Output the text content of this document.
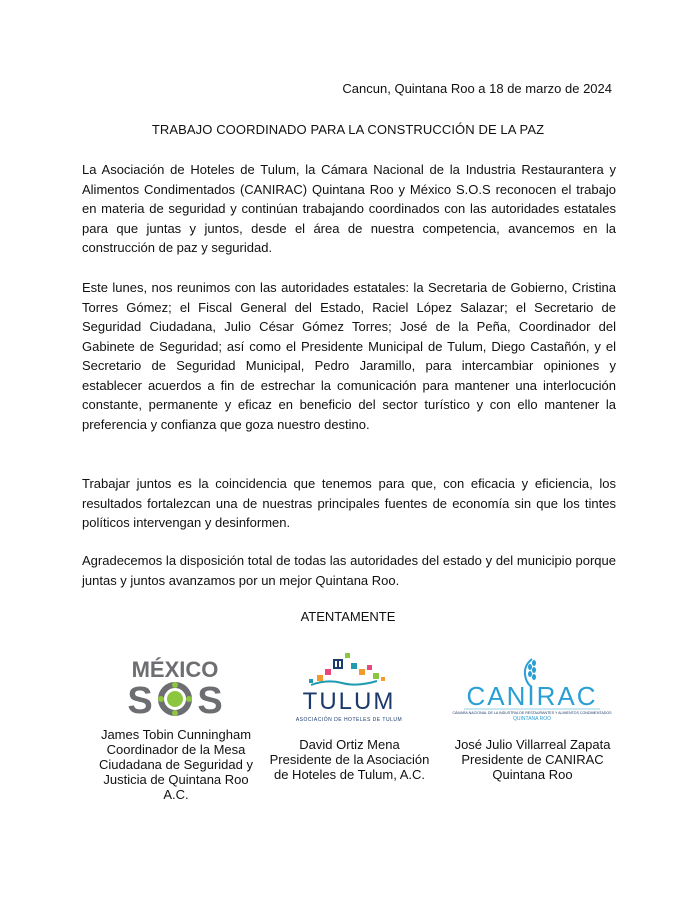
Cancun, Quintana Roo a 18 de marzo de 2024
TRABAJO COORDINADO PARA LA CONSTRUCCIÓN DE LA PAZ

La Asociación de Hoteles de Tulum, la Cámara Nacional de la Industria Restaurantera y Alimentos Condimentados (CANIRAC) Quintana Roo y México S.O.S reconocen el trabajo en materia de seguridad y continúan trabajando coordinados con las autoridades estatales para que juntas y juntos, desde el área de nuestra competencia, avancemos en la construcción de paz y seguridad.

Este lunes, nos reunimos con las autoridades estatales: la Secretaria de Gobierno, Cristina Torres Gómez; el Fiscal General del Estado, Raciel López Salazar; el Secretario de Seguridad Ciudadana, Julio César Gómez Torres; José de la Peña, Coordinador del Gabinete de Seguridad; así como el Presidente Municipal de Tulum, Diego Castañón, y el Secretario de Seguridad Municipal, Pedro Jaramillo, para intercambiar opiniones y establecer acuerdos a fin de estrechar la comunicación para mantener una interlocución constante, permanente y eficaz en beneficio del sector turístico y con ello mantener la preferencia y confianza que goza nuestro destino.

Trabajar juntos es la coincidencia que tenemos para que, con eficacia y eficiencia, los resultados fortalezcan una de nuestras principales fuentes de economía sin que los tintes políticos intervengan y desinformen.

Agradecemos la disposición total de todas las autoridades del estado y del municipio porque juntas y juntos avanzamos por un mejor Quintana Roo.

ATENTAMENTE
MÉXICO
S S
James Tobin Cunningham
Coordinador de la Mesa
Ciudadana de Seguridad y
Justicia de Quintana Roo
A.C.
TULUM
ASOCIACIÓN DE HOTELES DE TULUM
David Ortiz Mena
Presidente de la Asociación
de Hoteles de Tulum, A.C.
CANIRAC
CÁMARA NACIONAL DE LA INDUSTRIA DE RESTAURANTES Y ALIMENTOS CONDIMENTADOS
QUINTANA ROO
José Julio Villarreal Zapata
Presidente de CANIRAC
Quintana Roo
